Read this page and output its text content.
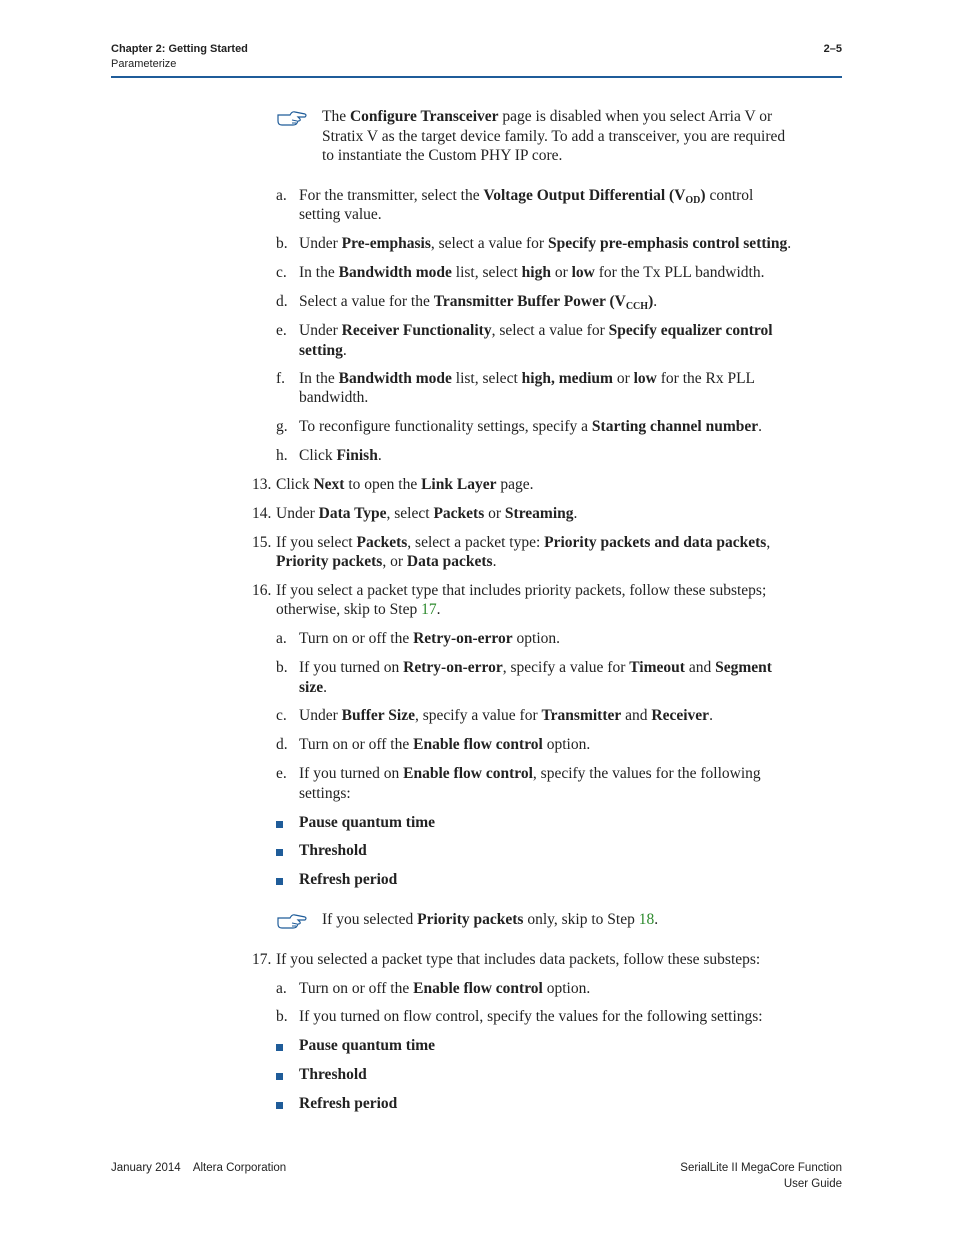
Chapter 2: Getting Started
Parameterize
2–5
The Configure Transceiver page is disabled when you select Arria V or
Stratix V as the target device family. To add a transceiver, you are required
to instantiate the Custom PHY IP core.
a. For the transmitter, select the Voltage Output Differential $(V_{OD})$ control
setting value.
b. Under Pre-emphasis, select a value for Specify pre-emphasis control setting.
c. In the Bandwidth mode list, select high or low for the Tx PLL bandwidth.
d. Select a value for the Transmitter Buffer Power $(V_{CCH})$.
e. Under Receiver Functionality, select a value for Specify equalizer control
setting.
f. In the Bandwidth mode list, select high, medium or low for the Rx PLL
bandwidth.
g. To reconfigure functionality settings, specify a Starting channel number.
h. Click Finish.
13. Click Next to open the Link Layer page.
14. Under Data Type, select Packets or Streaming.
15. If you select Packets, select a packet type: Priority packets and data packets,
Priority packets, or Data packets.
16. If you select a packet type that includes priority packets, follow these substeps;
otherwise, skip to Step 17.
a. Turn on or off the Retry-on-error option.
b. If you turned on Retry-on-error, specify a value for Timeout and Segment
size.
c. Under Buffer Size, specify a value for Transmitter and Receiver.
d. Turn on or off the Enable flow control option.
e. If you turned on Enable flow control, specify the values for the following
settings:
Pause quantum time
Threshold
Refresh period
If you selected Priority packets only, skip to Step 18.
17. If you selected a packet type that includes data packets, follow these substeps:
a. Turn on or off the Enable flow control option.
b. If you turned on flow control, specify the values for the following settings:
Pause quantum time
Threshold
Refresh period
January 2014    Altera Corporation	SerialLite II MegaCore Function
User Guide
